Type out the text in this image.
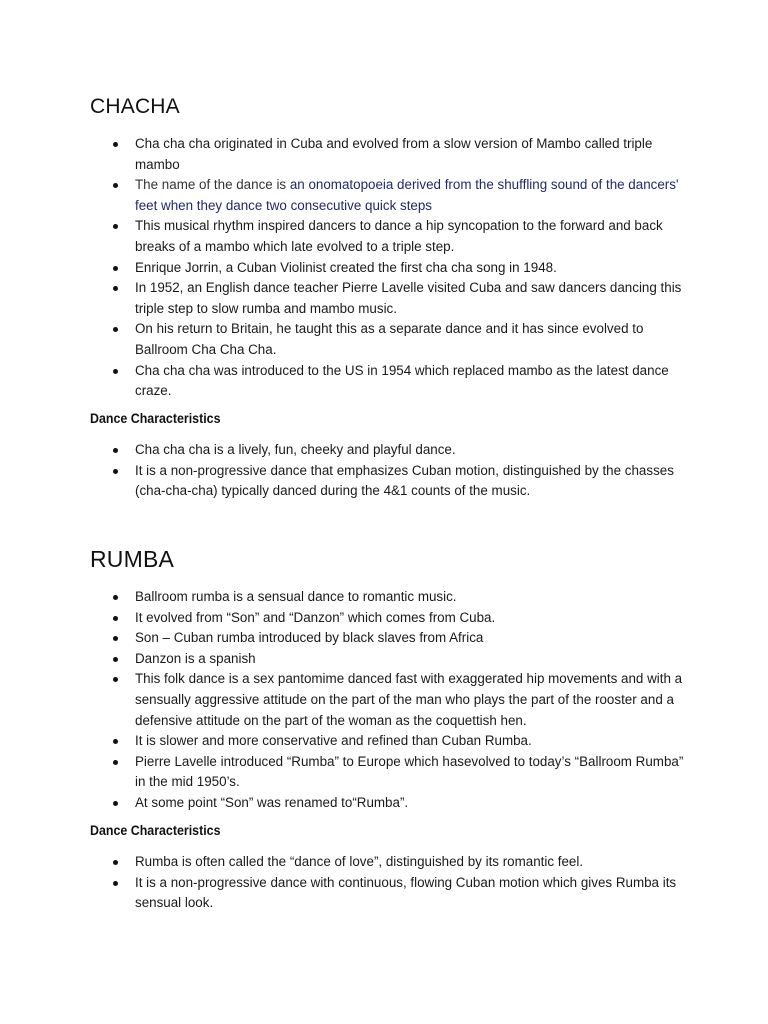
CHACHA
Cha cha cha originated in Cuba and evolved from a slow version of Mambo called triple mambo
The name of the dance is an onomatopoeia derived from the shuffling sound of the dancers' feet when they dance two consecutive quick steps
This musical rhythm inspired dancers to dance a hip syncopation to the forward and back breaks of a mambo which late evolved to a triple step.
Enrique Jorrin, a Cuban Violinist created the first cha cha song in 1948.
In 1952, an English dance teacher Pierre Lavelle visited Cuba and saw dancers dancing this triple step to slow rumba and mambo music.
On his return to Britain, he taught this as a separate dance and it has since evolved to Ballroom Cha Cha Cha.
Cha cha cha was introduced to the US in 1954 which replaced mambo as the latest dance craze.
Dance Characteristics
Cha cha cha is a lively, fun, cheeky and playful dance.
It is a non-progressive dance that emphasizes Cuban motion, distinguished by the chasses (cha-cha-cha) typically danced during the 4&1 counts of the music.
RUMBA
Ballroom rumba is a sensual dance to romantic music.
It evolved from “Son” and “Danzon” which comes from Cuba.
Son – Cuban rumba introduced by black slaves from Africa
Danzon is a spanish
This folk dance is a sex pantomime danced fast with exaggerated hip movements and with a sensually aggressive attitude on the part of the man who plays the part of the rooster and a defensive attitude on the part of the woman as the coquettish hen.
It is slower and more conservative and refined than Cuban Rumba.
Pierre Lavelle introduced “Rumba” to Europe which hasevolved to today’s “Ballroom Rumba” in the mid 1950’s.
At some point “Son” was renamed to“Rumba”.
Dance Characteristics
Rumba is often called the “dance of love”, distinguished by its romantic feel.
It is a non-progressive dance with continuous, flowing Cuban motion which gives Rumba its sensual look.
